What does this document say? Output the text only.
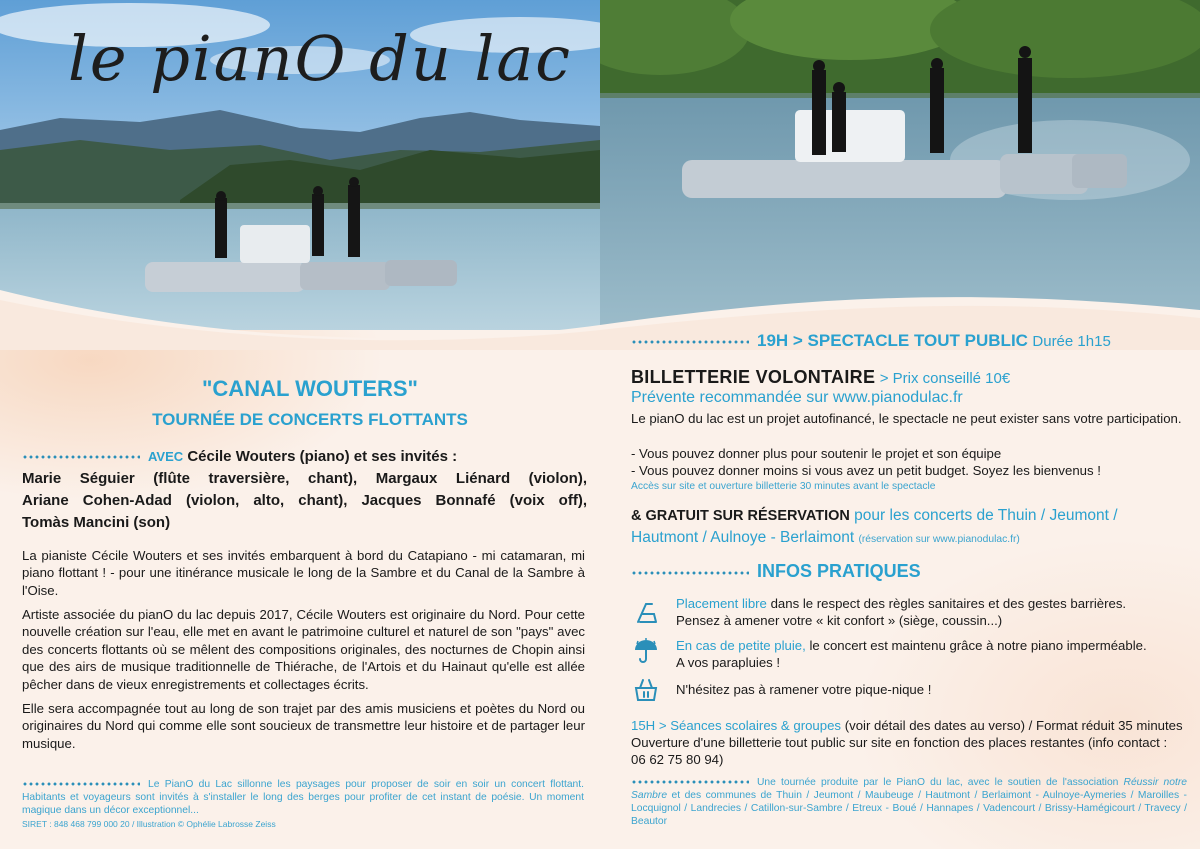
le pianO du lac
"CANAL WOUTERS"
TOURNÉE DE CONCERTS FLOTTANTS
AVEC Cécile Wouters (piano) et ses invités :
Marie Séguier (flûte traversière, chant), Margaux Liénard (violon),
Ariane Cohen-Adad (violon, alto, chant), Jacques Bonnafé (voix off),
Tomàs Mancini (son)

La pianiste Cécile Wouters et ses invités embarquent à bord du Catapiano - mi catamaran, mi piano flottant ! - pour une itinérance musicale le long de la Sambre et du Canal de la Sambre à l'Oise.

Artiste associée du pianO du lac depuis 2017, Cécile Wouters est originaire du Nord. Pour cette nouvelle création sur l'eau, elle met en avant le patrimoine culturel et naturel de son "pays" avec des concerts flottants où se mêlent des compositions originales, des nocturnes de Chopin ainsi que des airs de musique traditionnelle de Thiérache, de l'Artois et du Hainaut qu'elle est allée pêcher dans de vieux enregistrements et collectages écrits.

Elle sera accompagnée tout au long de son trajet par des amis musiciens et poètes du Nord ou originaires du Nord qui comme elle sont soucieux de transmettre leur histoire et de partager leur musique.

Le PianO du Lac sillonne les paysages pour proposer de soir en soir un concert flottant. Habitants et voyageurs sont invités à s'installer le long des berges pour profiter de cet instant de poésie. Un moment magique dans un décor exceptionnel...
SIRET : 848 468 799 000 20 / Illustration © Ophélie Labrosse Zeiss
19H > SPECTACLE TOUT PUBLIC Durée 1h15
BILLETTERIE VOLONTAIRE > Prix conseillé 10€
Prévente recommandée sur www.pianodulac.fr

Le pianO du lac est un projet autofinancé, le spectacle ne peut exister sans votre participation.

- Vous pouvez donner plus pour soutenir le projet et son équipe

- Vous pouvez donner moins si vous avez un petit budget. Soyez les bienvenus !

Accès sur site et ouverture billetterie 30 minutes avant le spectacle
& GRATUIT SUR RÉSERVATION pour les concerts de Thuin / Jeumont / Hautmont / Aulnoye - Berlaimont (réservation sur www.pianodulac.fr)
INFOS PRATIQUES
Placement libre dans le respect des règles sanitaires et des gestes barrières.
Pensez à amener votre « kit confort » (siège, coussin...)
En cas de petite pluie, le concert est maintenu grâce à notre piano imperméable.
A vos parapluies !
N'hésitez pas à ramener votre pique-nique !
15H > Séances scolaires & groupes (voir détail des dates au verso) / Format réduit 35 minutes
Ouverture d'une billetterie tout public sur site en fonction des places restantes (info contact :
06 62 75 80 94)
Une tournée produite par le PianO du lac, avec le soutien de l'association Réussir notre Sambre et des communes de Thuin / Jeumont / Maubeuge / Hautmont / Berlaimont - Aulnoye-Aymeries / Maroilles - Locquignol / Landrecies / Catillon-sur-Sambre / Etreux - Boué / Hannapes / Vadencourt / Brissy-Hamégicourt / Travecy / Beautor
